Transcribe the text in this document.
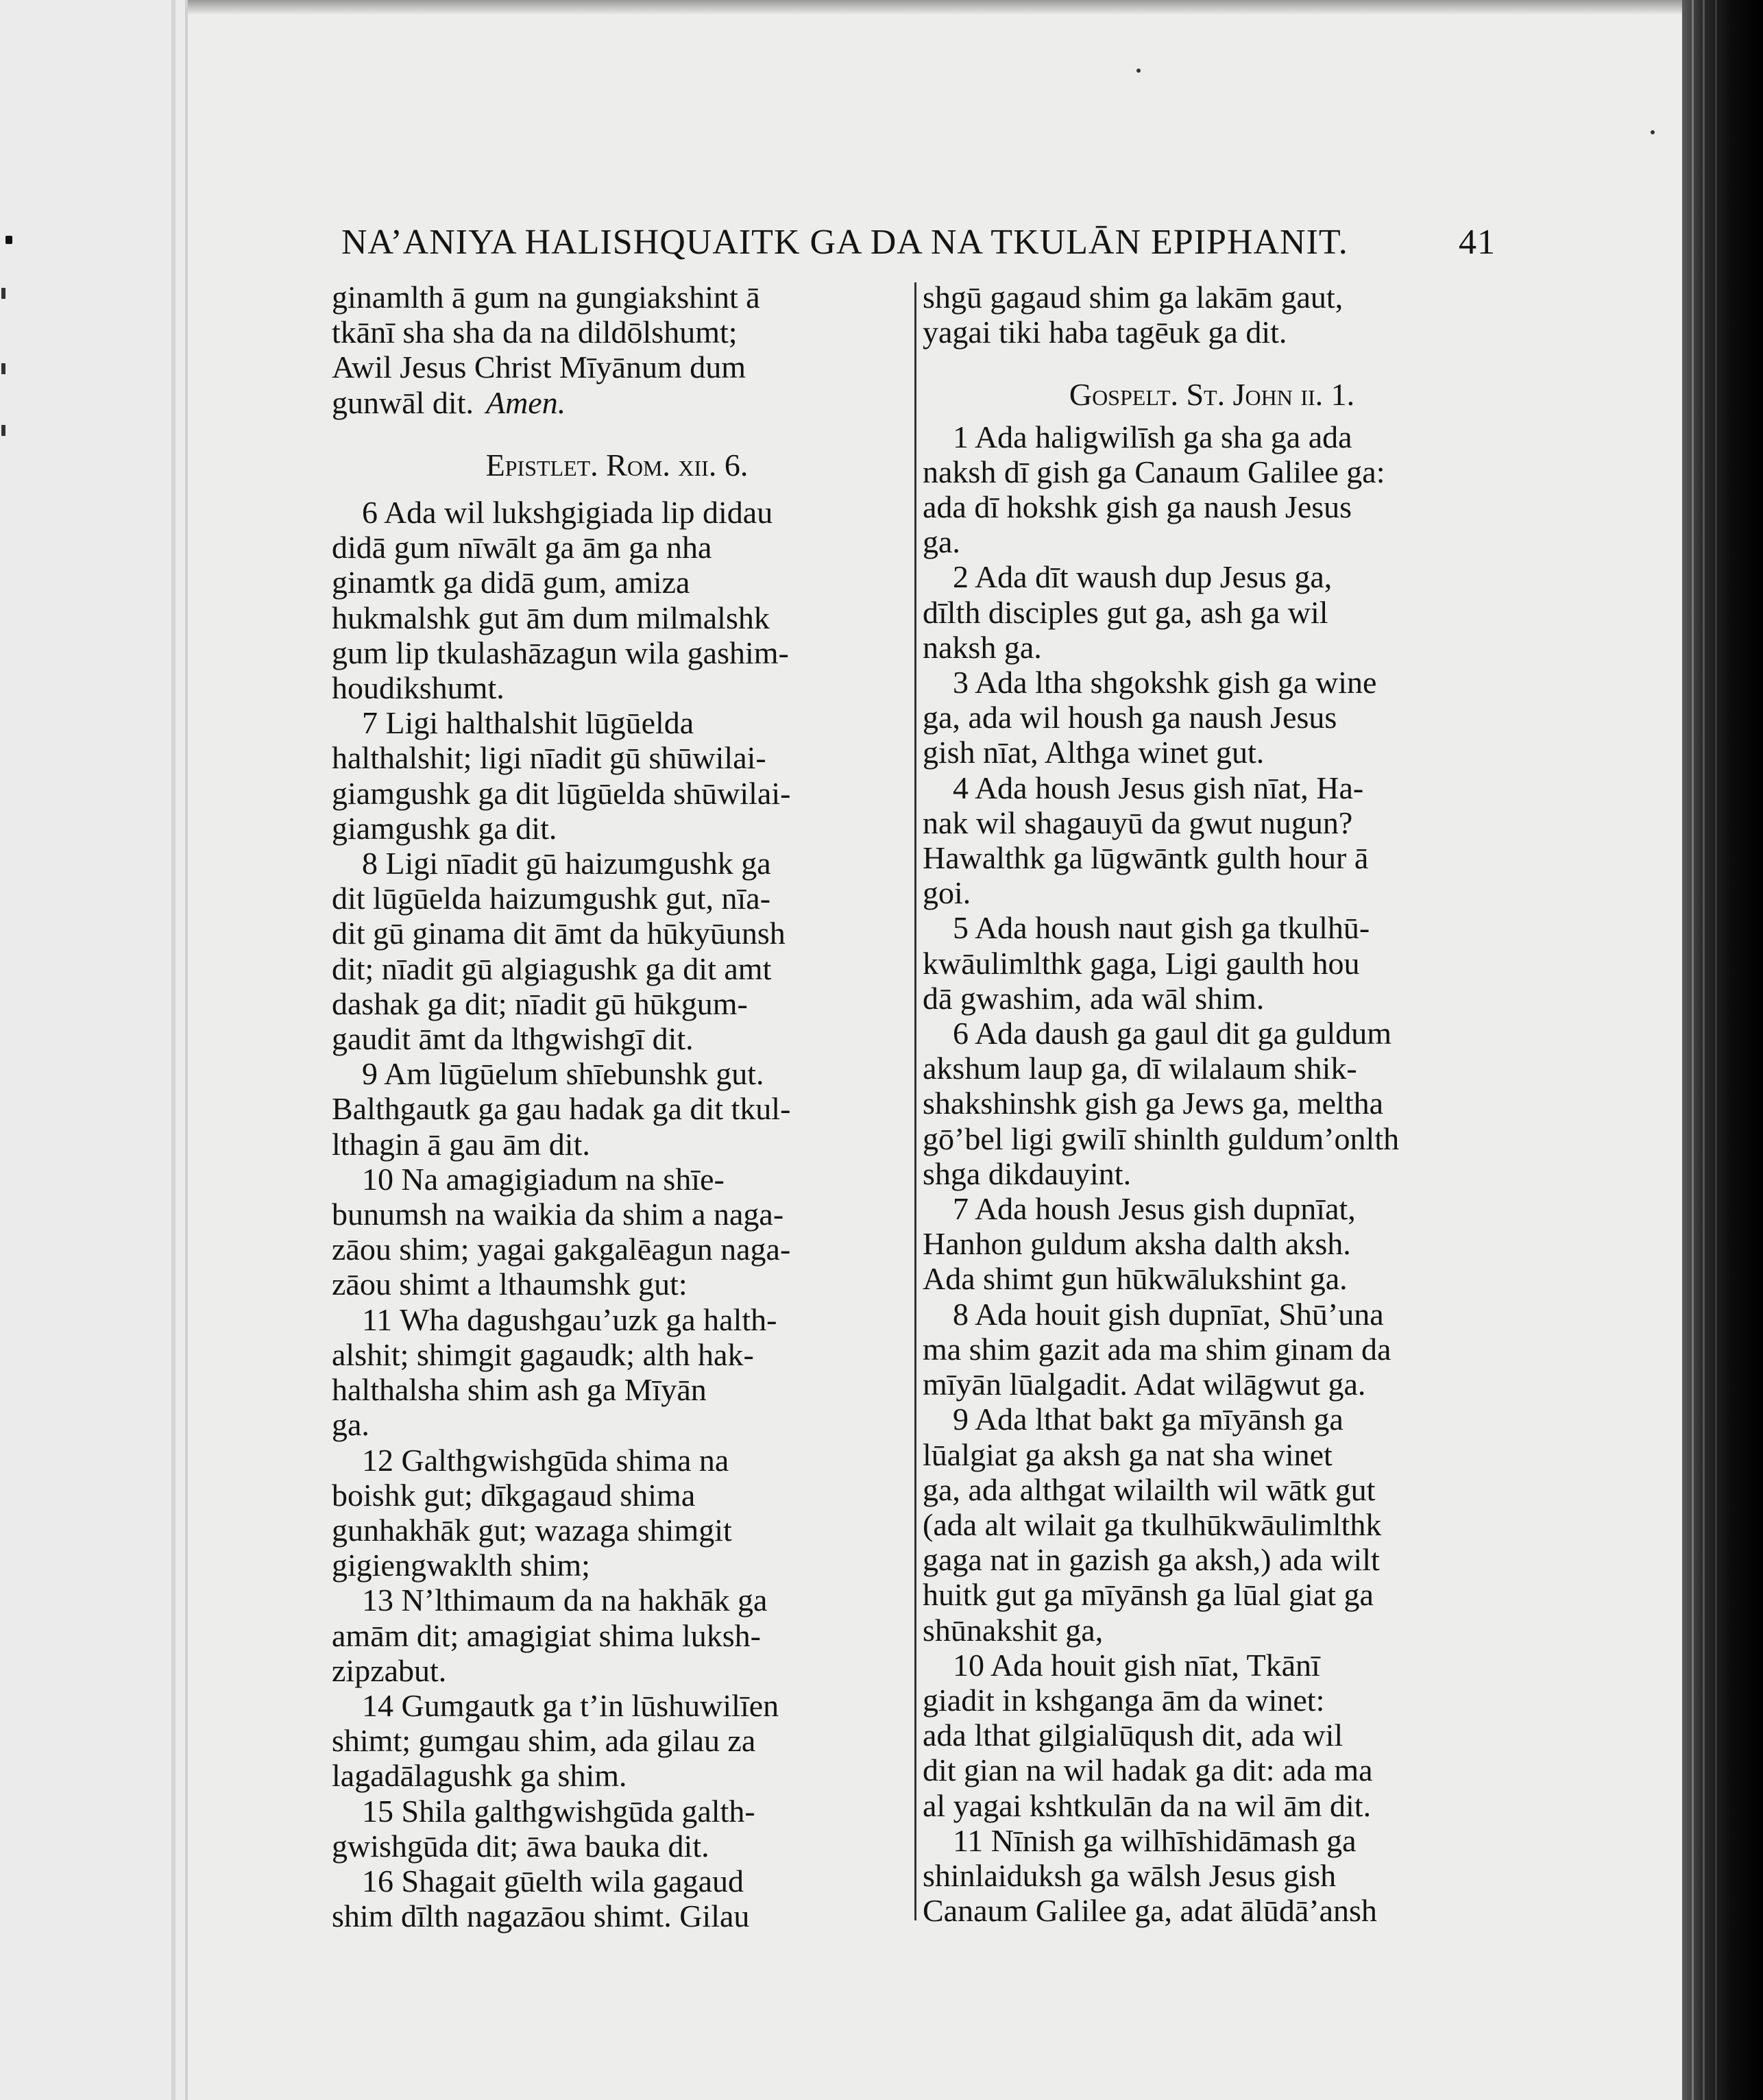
NA’ANIYA HALISHQUAITK GA DA NA TKULĀN EPIPHANIT.	41
ginamlth ā gum na gungiakshint ā
tkānī sha sha da na dildōlshumt;
Awil Jesus Christ Mīyānum dum
gunwāl dit. Amen.
Epistlet. Rom. xii. 6.
6 Ada wil lukshgigiada lip didau
didā gum nīwālt ga ām ga nha
ginamtk ga didā gum, amiza
hukmalshk gut ām dum milmalshk
gum lip tkulashāzagun wila gashim-
houdikshumt.
7 Ligi halthalshit lūgūelda
halthalshit; ligi nīadit gū shūwilai-
giamgushk ga dit lūgūelda shūwilai-
giamgushk ga dit.
8 Ligi nīadit gū haizumgushk ga
dit lūgūelda haizumgushk gut, nīa-
dit gū ginama dit āmt da hūkyūunsh
dit; nīadit gū algiagushk ga dit amt
dashak ga dit; nīadit gū hūkgum-
gaudit āmt da lthgwishgī dit.
9 Am lūgūelum shīebunshk gut.
Balthgautk ga gau hadak ga dit tkul-
lthagin ā gau ām dit.
10 Na amagigiadum na shīe-
bunumsh na waikia da shim a naga-
zāou shim; yagai gakgalēagun naga-
zāou shimt a lthaumshk gut:
11 Wha dagushgau’uzk ga halth-
alshit; shimgit gagaudk; alth hak-
halthalsha shim ash ga Mīyān
ga.
12 Galthgwishgūda shima na
boishk gut; dīkgagaud shima
gunhakhāk gut; wazaga shimgit
gigiengwaklth shim;
13 N’lthimaum da na hakhāk ga
amām dit; amagigiat shima luksh-
zipzabut.
14 Gumgautk ga t’in lūshuwilīen
shimt; gumgau shim, ada gilau za
lagadālagushk ga shim.
15 Shila galthgwishgūda galth-
gwishgūda dit; āwa bauka dit.
16 Shagait gūelth wila gagaud
shim dīlth nagazāou shimt. Gilau
shgū gagaud shim ga lakām gaut,
yagai tiki haba tagēuk ga dit.
Gospelt. St. John ii. 1.
1 Ada haligwilīsh ga sha ga ada
naksh dī gish ga Canaum Galilee ga:
ada dī hokshk gish ga naush Jesus
ga.
2 Ada dīt waush dup Jesus ga,
dīlth disciples gut ga, ash ga wil
naksh ga.
3 Ada ltha shgokshk gish ga wine
ga, ada wil housh ga naush Jesus
gish nīat, Althga winet gut.
4 Ada housh Jesus gish nīat, Ha-
nak wil shagauyū da gwut nugun?
Hawalthk ga lūgwāntk gulth hour ā
goi.
5 Ada housh naut gish ga tkulhū-
kwāulimlthk gaga, Ligi gaulth hou
dā gwashim, ada wāl shim.
6 Ada daush ga gaul dit ga guldum
akshum laup ga, dī wilalaum shik-
shakshinshk gish ga Jews ga, meltha
gō’bel ligi gwilī shinlth guldum’onlth
shga dikdauyint.
7 Ada housh Jesus gish dupnīat,
Hanhon guldum aksha dalth aksh.
Ada shimt gun hūkwālukshint ga.
8 Ada houit gish dupnīat, Shū’una
ma shim gazit ada ma shim ginam da
mīyān lūalgadit. Adat wilāgwut ga.
9 Ada lthat bakt ga mīyānsh ga
lūalgiat ga aksh ga nat sha winet
ga, ada althgat wilailth wil wātk gut
(ada alt wilait ga tkulhūkwāulimlthk
gaga nat in gazish ga aksh,) ada wilt
huitk gut ga mīyānsh ga lūal giat ga
shūnakshit ga,
10 Ada houit gish nīat, Tkānī
giadit in kshganga ām da winet:
ada lthat gilgialūqush dit, ada wil
dit gian na wil hadak ga dit: ada ma
al yagai kshtkulān da na wil ām dit.
11 Nīnish ga wilhīshidāmash ga
shinlaiduksh ga wālsh Jesus gish
Canaum Galilee ga, adat ālūdā’ansh
